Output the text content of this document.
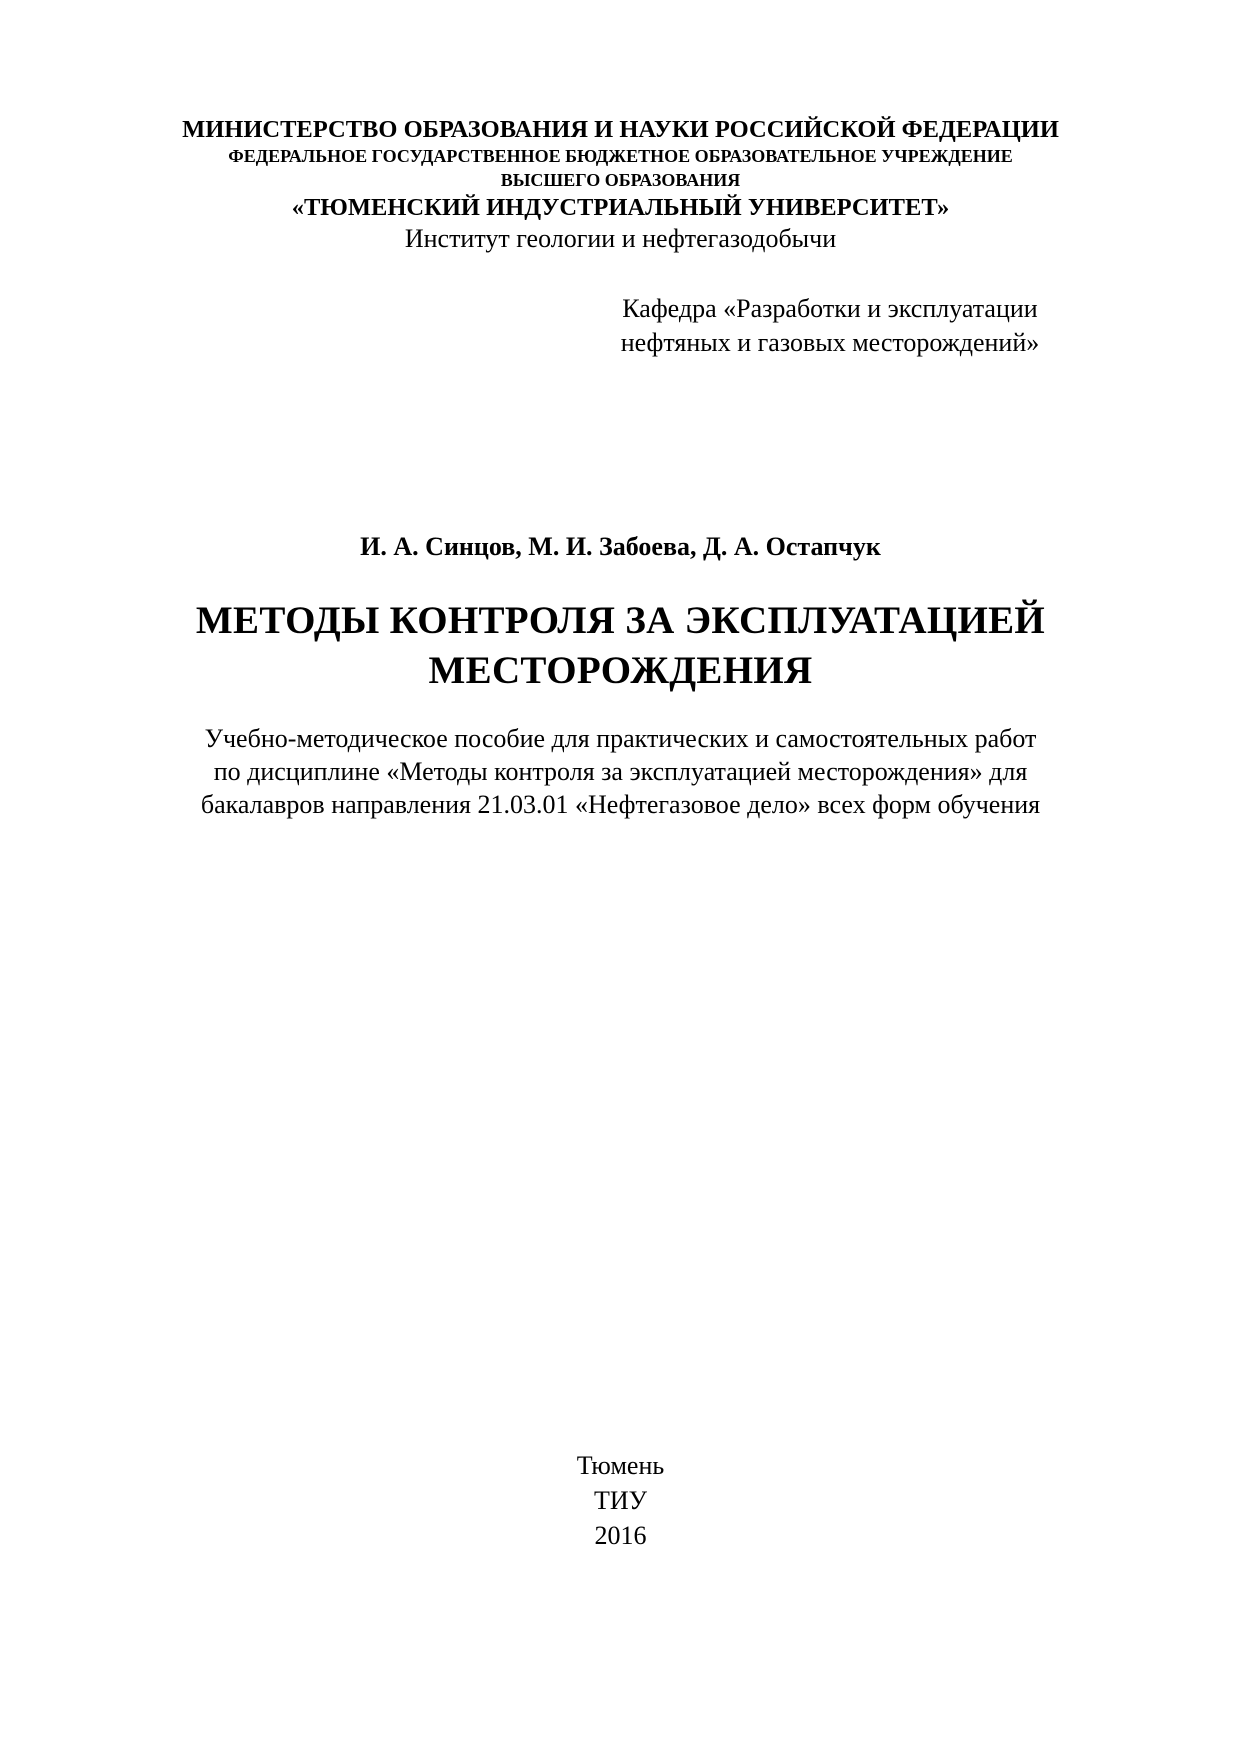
МИНИСТЕРСТВО ОБРАЗОВАНИЯ И НАУКИ РОССИЙСКОЙ ФЕДЕРАЦИИ
ФЕДЕРАЛЬНОЕ ГОСУДАРСТВЕННОЕ БЮДЖЕТНОЕ ОБРАЗОВАТЕЛЬНОЕ УЧРЕЖДЕНИЕ
ВЫСШЕГО ОБРАЗОВАНИЯ
«ТЮМЕНСКИЙ ИНДУСТРИАЛЬНЫЙ УНИВЕРСИТЕТ»
Институт геологии и нефтегазодобычи
Кафедра «Разработки и эксплуатации
нефтяных и газовых месторождений»
И. А. Синцов, М. И. Забоева, Д. А. Остапчук
МЕТОДЫ КОНТРОЛЯ ЗА ЭКСПЛУАТАЦИЕЙ
МЕСТОРОЖДЕНИЯ
Учебно-методическое пособие для практических и самостоятельных работ
по дисциплине «Методы контроля за эксплуатацией месторождения» для
бакалавров направления 21.03.01 «Нефтегазовое дело» всех форм обучения
Тюмень
ТИУ
2016
